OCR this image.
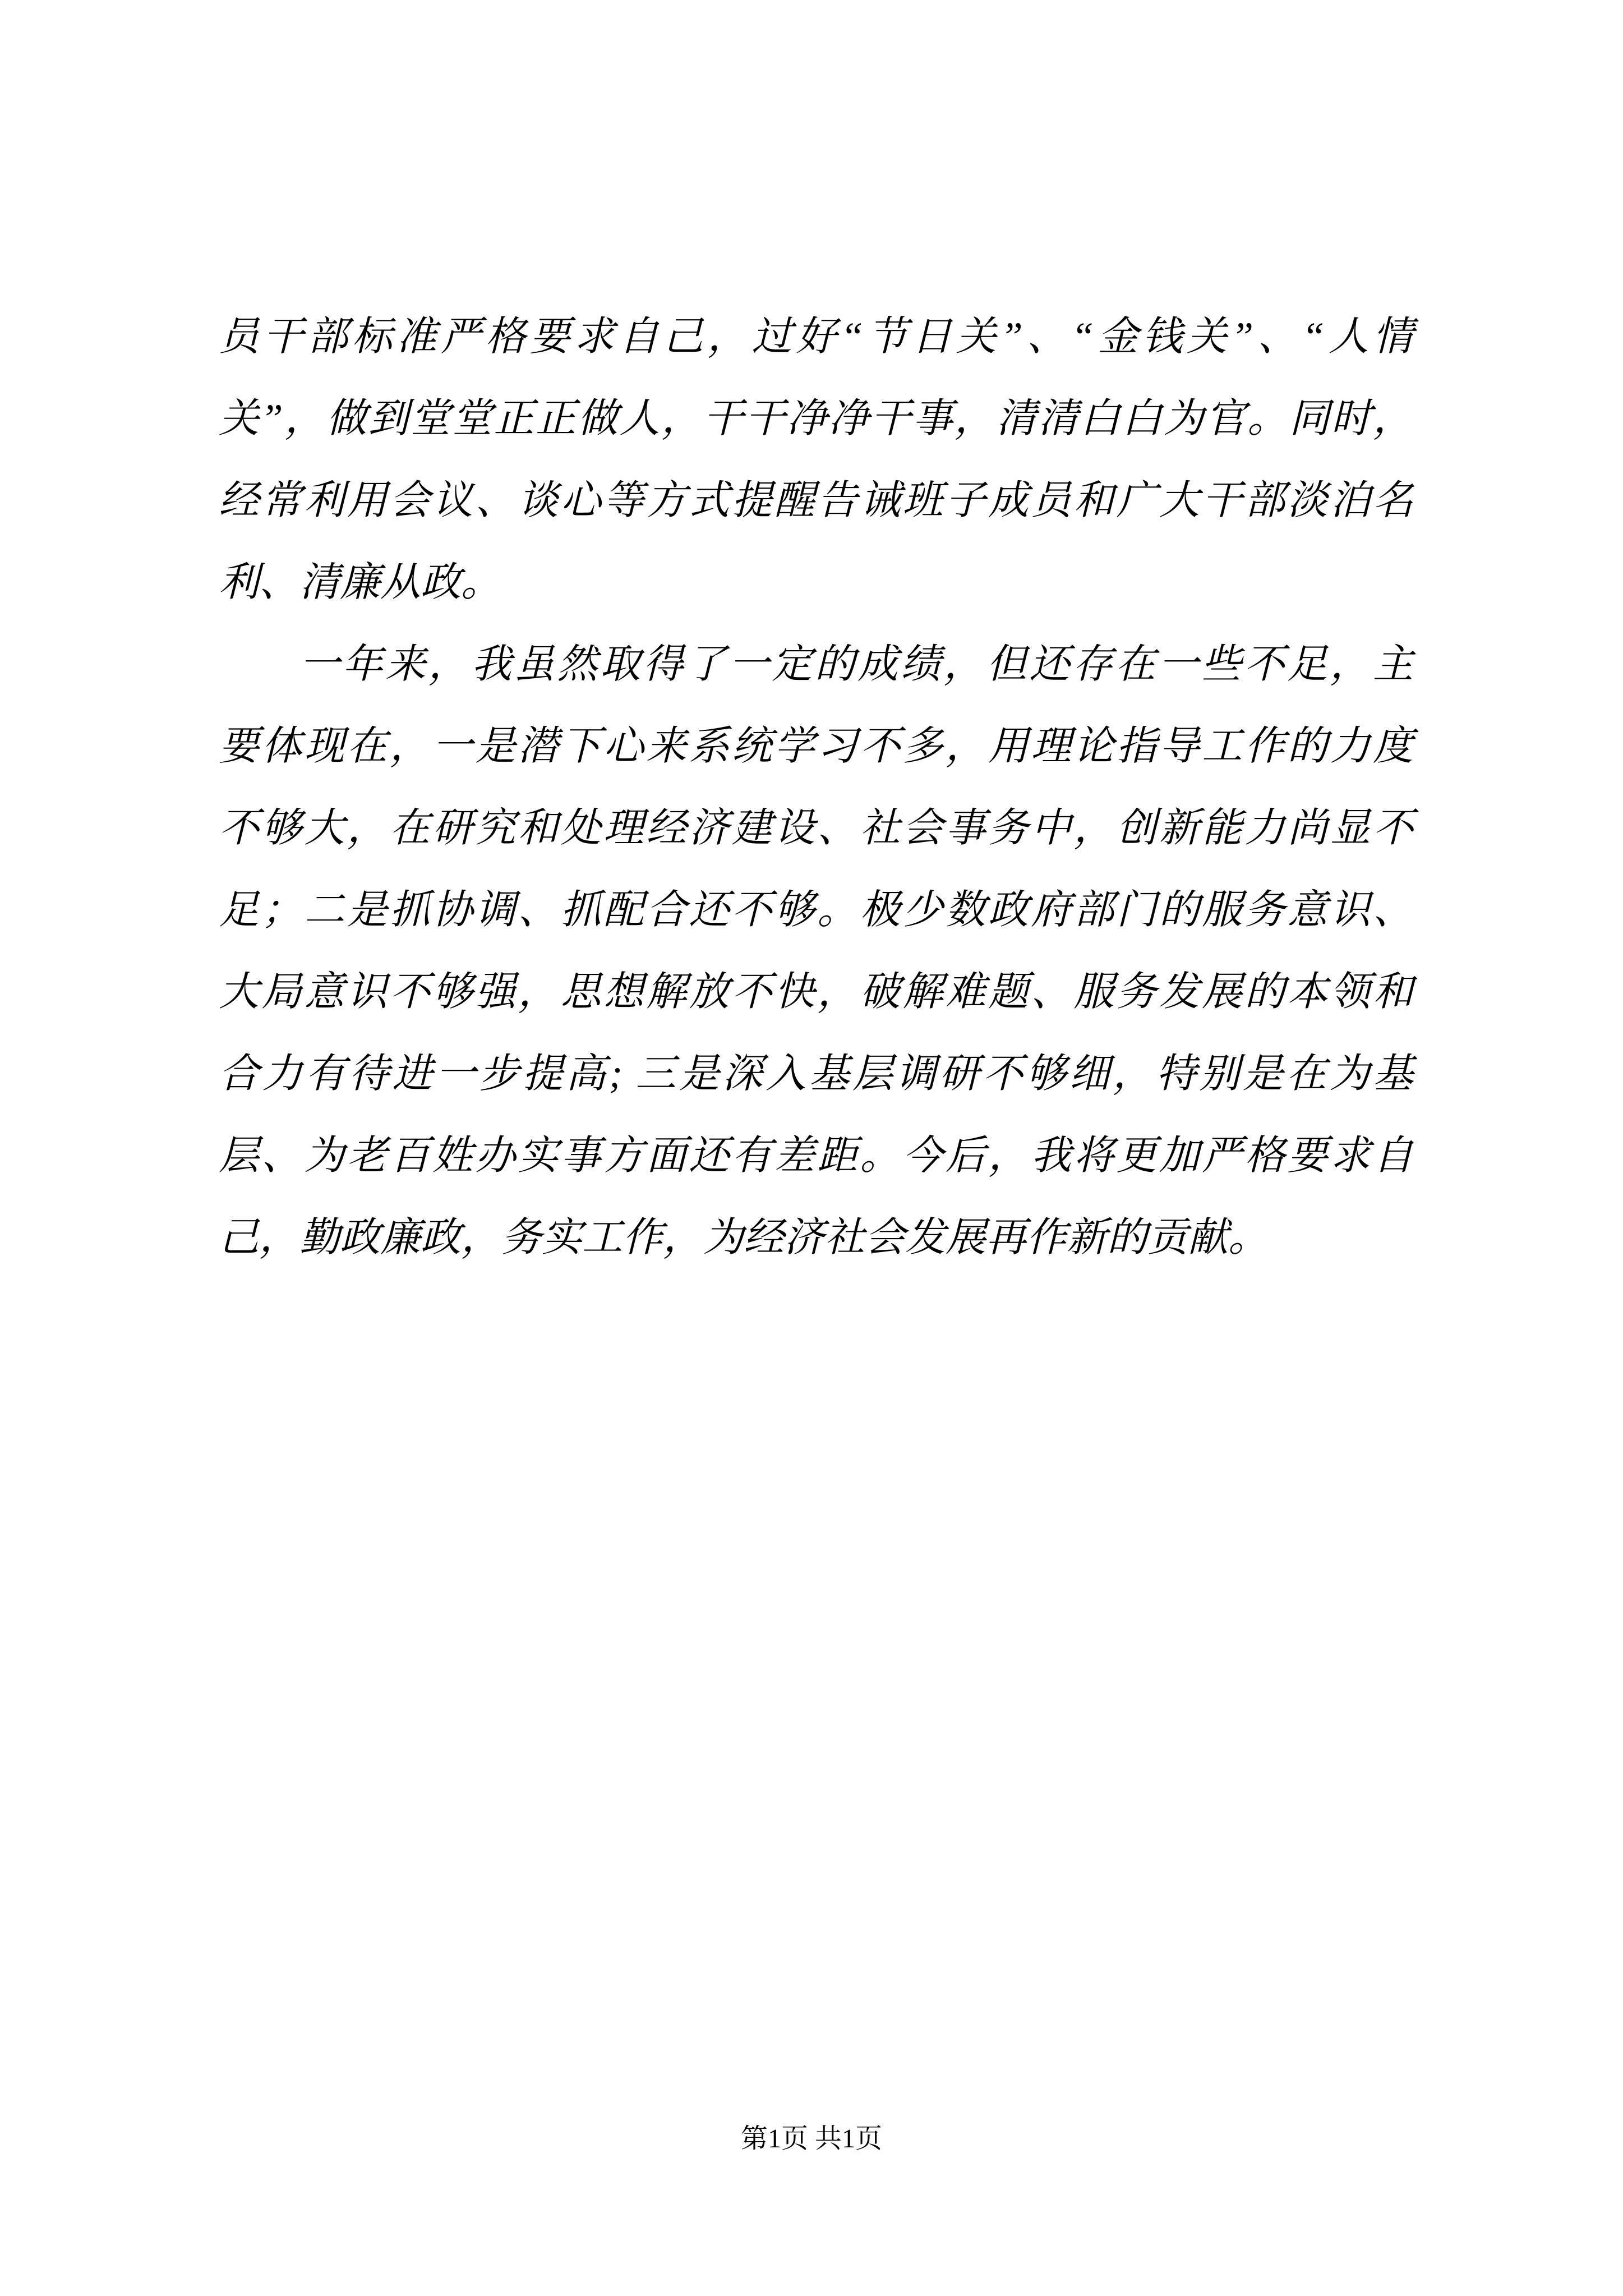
员干部标准严格要求自己，过好“节日关”、“金钱关”、“人情
关”，做到堂堂正正做人，干干净净干事，清清白白为官。同时，
经常利用会议、谈心等方式提醒告诫班子成员和广大干部淡泊名
利、清廉从政。
一年来，我虽然取得了一定的成绩，但还存在一些不足，主
要体现在，一是潜下心来系统学习不多，用理论指导工作的力度
不够大，在研究和处理经济建设、社会事务中，创新能力尚显不
足；二是抓协调、抓配合还不够。极少数政府部门的服务意识、
大局意识不够强，思想解放不快，破解难题、服务发展的本领和
合力有待进一步提高; 三是深入基层调研不够细，特别是在为基
层、为老百姓办实事方面还有差距。今后，我将更加严格要求自
己，勤政廉政，务实工作，为经济社会发展再作新的贡献。
第1页 共1页
